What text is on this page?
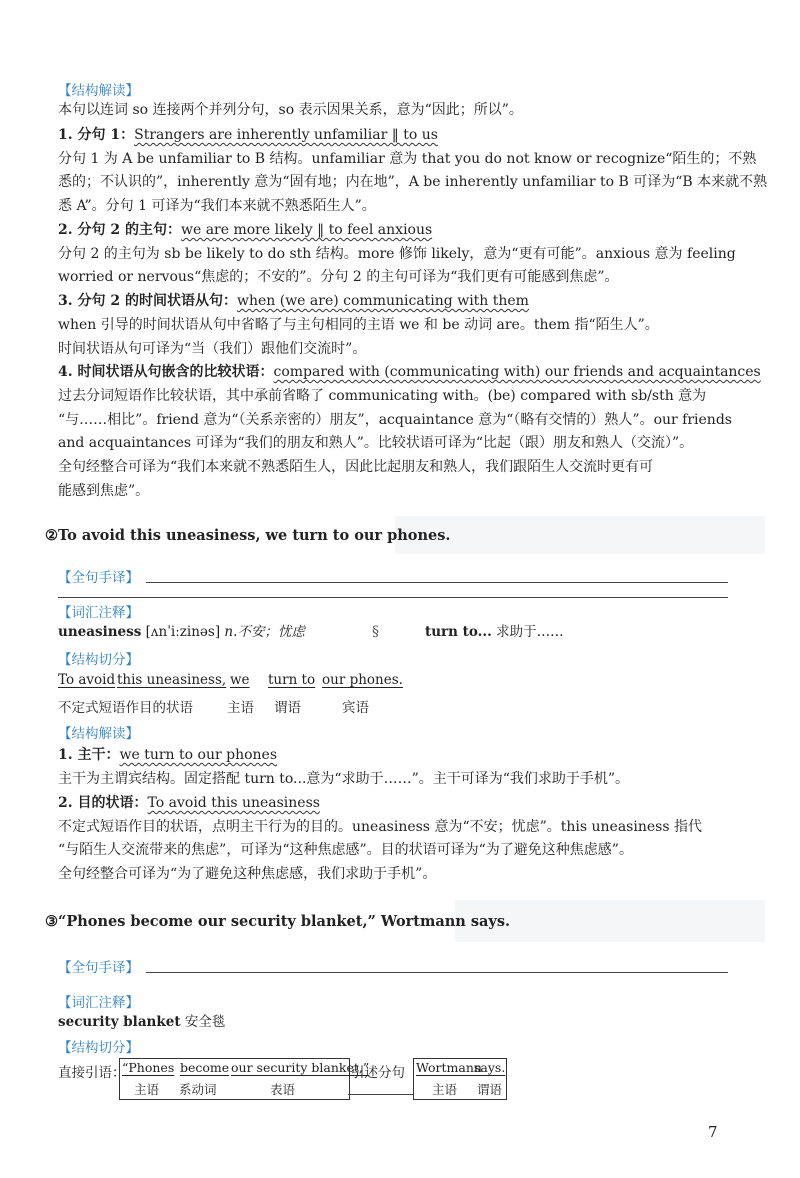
【结构解读】
本句以连词 so 连接两个并列分句，so 表示因果关系，意为“因此；所以”。
1. 分句 1：Strangers are inherently unfamiliar ‖ to us
分句 1 为 A be unfamiliar to B 结构。unfamiliar 意为 that you do not know or recognize“陌生的；不熟
悉的；不认识的”，inherently 意为“固有地；内在地”，A be inherently unfamiliar to B 可译为“B 本来就不熟
悉 A”。分句 1 可译为“我们本来就不熟悉陌生人”。
2. 分句 2 的主句：we are more likely ‖ to feel anxious
分句 2 的主句为 sb be likely to do sth 结构。more 修饰 likely，意为“更有可能”。anxious 意为 feeling
worried or nervous“焦虑的；不安的”。分句 2 的主句可译为“我们更有可能感到焦虑”。
3. 分句 2 的时间状语从句：when (we are) communicating with them
when 引导的时间状语从句中省略了与主句相同的主语 we 和 be 动词 are。them 指“陌生人”。
时间状语从句可译为“当（我们）跟他们交流时”。
4. 时间状语从句嵌含的比较状语：compared with (communicating with) our friends and acquaintances
过去分词短语作比较状语，其中承前省略了 communicating with。(be) compared with sb/sth 意为
“与……相比”。friend 意为“（关系亲密的）朋友”，acquaintance 意为“（略有交情的）熟人”。our friends
and acquaintances 可译为“我们的朋友和熟人”。比较状语可译为“比起（跟）朋友和熟人（交流）”。
全句经整合可译为“我们本来就不熟悉陌生人，因此比起朋友和熟人，我们跟陌生人交流时更有可
能感到焦虑”。
②To avoid this uneasiness, we turn to our phones.
【全句手译】
【词汇注释】
uneasiness [ʌnˈiːzinəs] n.不安；忧虑	§	turn to... 求助于……
【结构切分】
To avoid this uneasiness, we turn to our phones.
不定式短语作目的状语	主语 谓语	宾语
【结构解读】
1. 主干：we turn to our phones
主干为主谓宾结构。固定搭配 turn to...意为“求助于……”。主干可译为“我们求助于手机”。
2. 目的状语：To avoid this uneasiness
不定式短语作目的状语，点明主干行为的目的。uneasiness 意为“不安；忧虑”。this uneasiness 指代
“与陌生人交流带来的焦虑”，可译为“这种焦虑感”。目的状语可译为“为了避免这种焦虑感”。
全句经整合可译为“为了避免这种焦虑感，我们求助于手机”。
③“Phones become our security blanket,” Wortmann says.
【全句手译】
【词汇注释】
security blanket 安全毯
【结构切分】
直接引语：
“Phones become our security blanket,”
主语 系动词	表语
引述分句 Wortmann
says.
主语 谓语
7
